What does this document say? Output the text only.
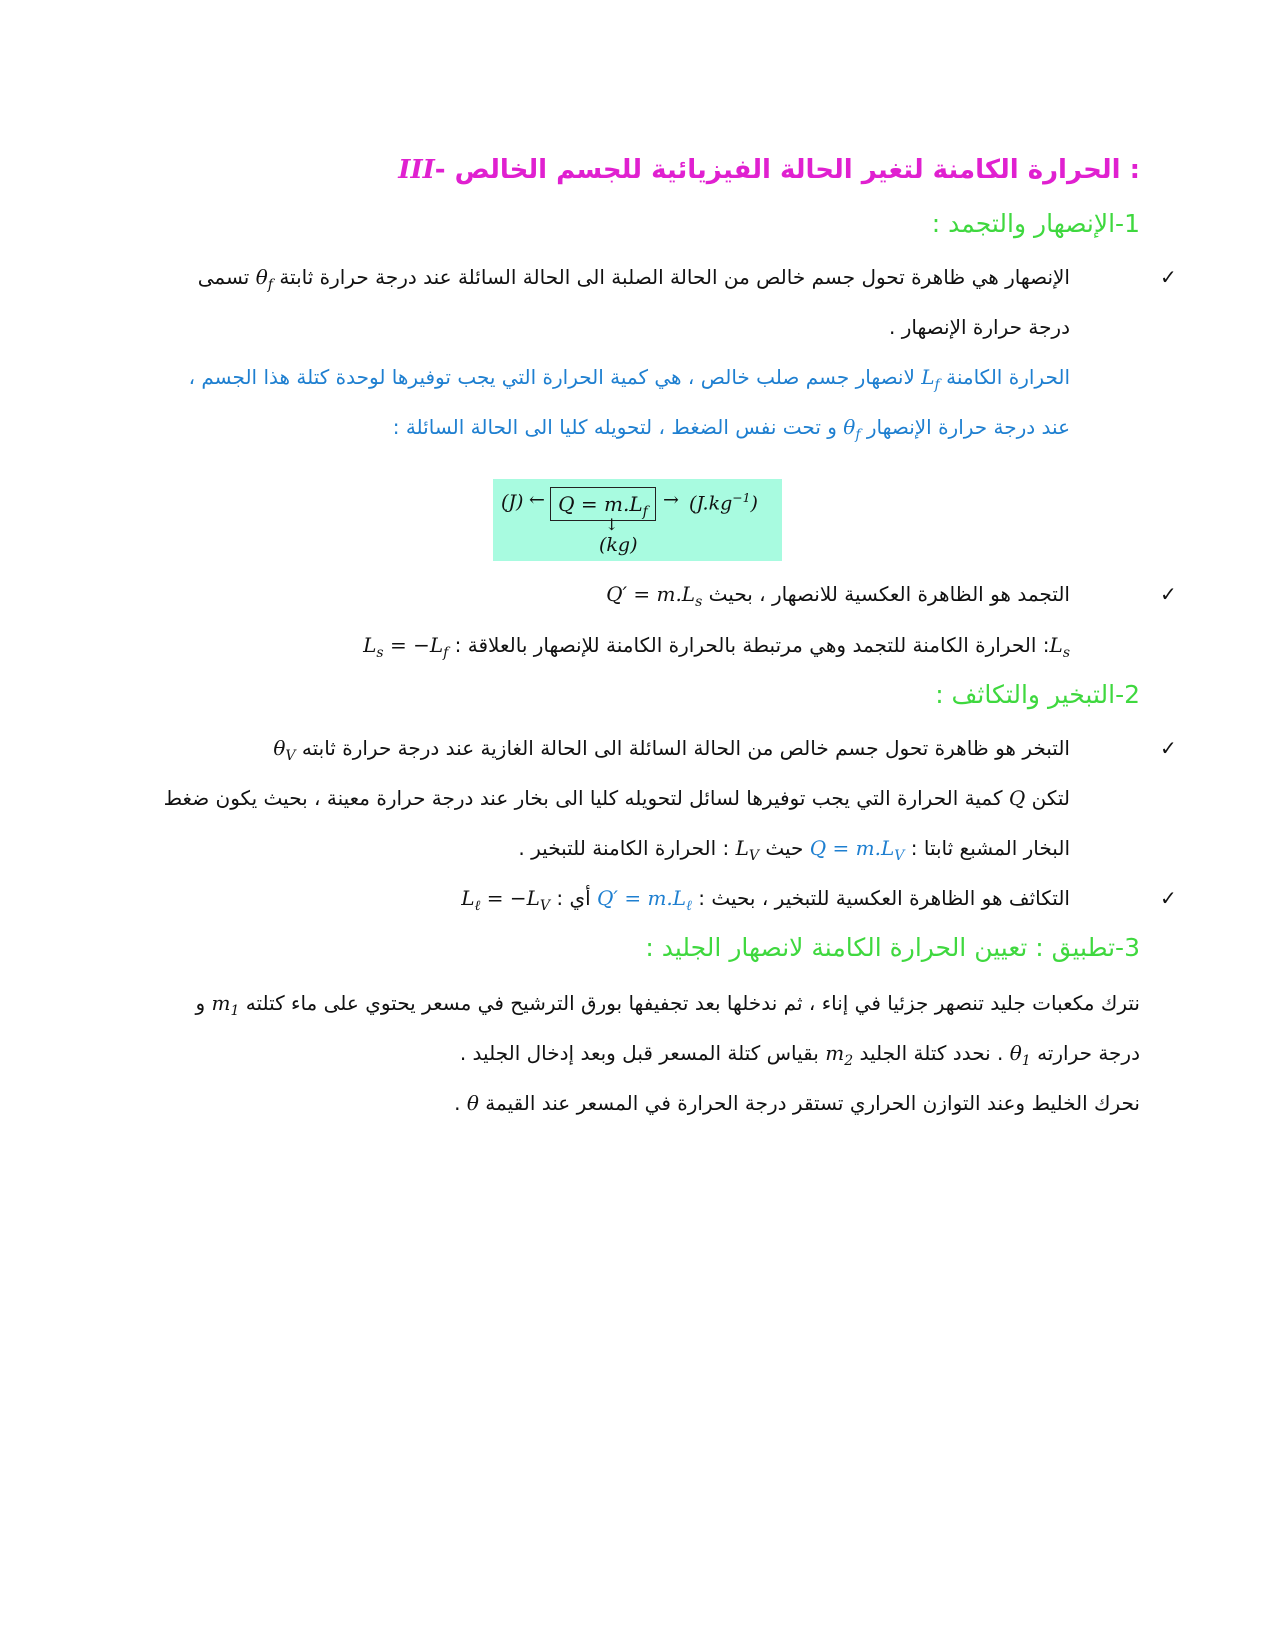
III- الحرارة الكامنة لتغير الحالة الفيزيائية للجسم الخالص :
1-الإنصهار والتجمد :
✓
الإنصهار هي ظاهرة تحول جسم خالص من الحالة الصلبة الى الحالة السائلة عند درجة حرارة ثابتة $\theta_f$ تسمى
درجة حرارة الإنصهار .
الحرارة الكامنة $L_f$ لانصهار جسم صلب خالص ، هي كمية الحرارة التي يجب توفيرها لوحدة كتلة هذا الجسم ،
عند درجة حرارة الإنصهار $\theta_f$ و تحت نفس الضغط ، لتحويله كليا الى الحالة السائلة :
(J) ← $Q = m.L_f$
→ $(J.kg^{-1})$
↓
(kg)
✓
التجمد هو الظاهرة العكسية للانصهار ، بحيث $Q' = m.L_s$
$L_s$: الحرارة الكامنة للتجمد وهي مرتبطة بالحرارة الكامنة للإنصهار بالعلاقة : $L_s = -L_f$
2-التبخير والتكاثف :
✓
التبخر هو ظاهرة تحول جسم خالص من الحالة السائلة الى الحالة الغازية عند درجة حرارة ثابته $\theta_V$
لتكن Q كمية الحرارة التي يجب توفيرها لسائل لتحويله كليا الى بخار عند درجة حرارة معينة ، بحيث يكون ضغط
البخار المشبع ثابتا : $Q = m.L_V$ حيث $L_V$ : الحرارة الكامنة للتبخير .
✓
التكاثف هو الظاهرة العكسية للتبخير ، بحيث : $Q' = m.L_\ell$ أي : $L_\ell = -L_V$
3-تطبيق : تعيين الحرارة الكامنة لانصهار الجليد :
نترك مكعبات جليد تنصهر جزئيا في إناء ، ثم ندخلها بعد تجفيفها بورق الترشيح في مسعر يحتوي على ماء كتلته $m_1$ و
درجة حرارته $\theta_1$ . نحدد كتلة الجليد $m_2$ بقياس كتلة المسعر قبل وبعد إدخال الجليد .
نحرك الخليط وعند التوازن الحراري تستقر درجة الحرارة في المسعر عند القيمة θ .
